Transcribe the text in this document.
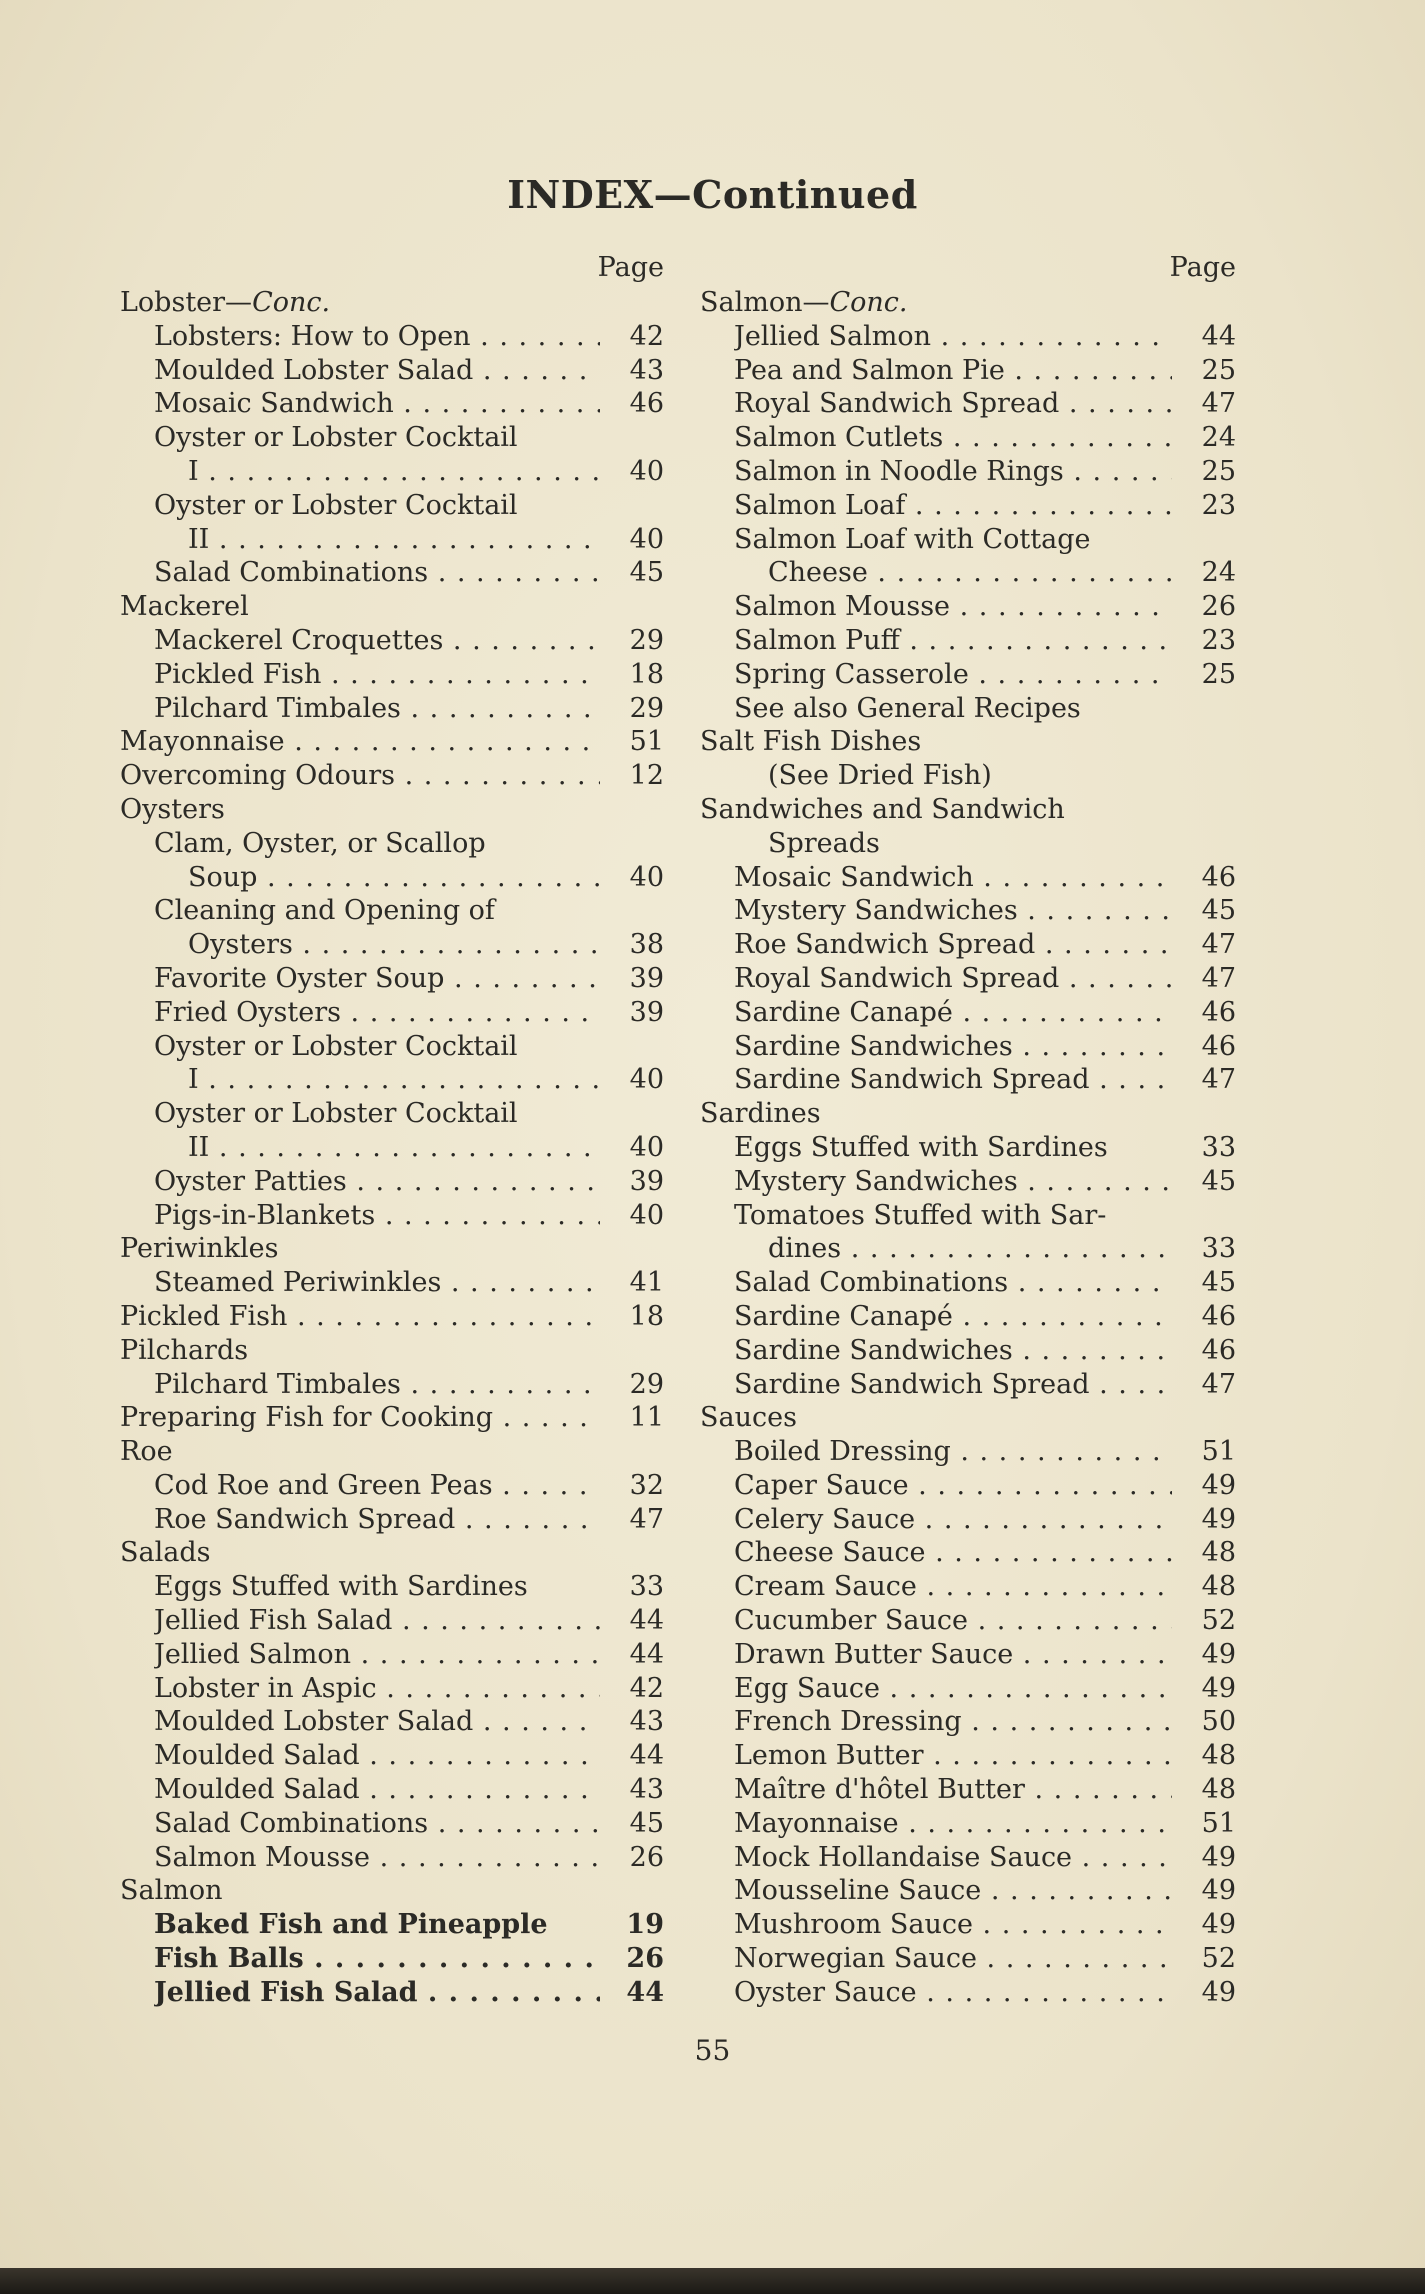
INDEX—Continued
Page
Lobster—Conc.
Lobsters: How to Open . . .	42
Moulded Lobster Salad . . .	43
Mosaic Sandwich . . .	46
Oyster or Lobster Cocktail
I . . .	40
Oyster or Lobster Cocktail
II . . .	40
Salad Combinations . . .	45
Mackerel
Mackerel Croquettes . . .	29
Pickled Fish . . .	18
Pilchard Timbales . . .	29
Mayonnaise . . .	51
Overcoming Odours . . .	12
Oysters
Clam, Oyster, or Scallop
Soup . . .	40
Cleaning and Opening of
Oysters . . .	38
Favorite Oyster Soup . . .	39
Fried Oysters . . .	39
Oyster or Lobster Cocktail
I . . .	40
Oyster or Lobster Cocktail
II . . .	40
Oyster Patties . . .	39
Pigs-in-Blankets . . .	40
Periwinkles
Steamed Periwinkles . . .	41
Pickled Fish . . .	18
Pilchards
Pilchard Timbales . . .	29
Preparing Fish for Cooking . . .	11
Roe
Cod Roe and Green Peas . . .	32
Roe Sandwich Spread . . .	47
Salads
Eggs Stuffed with Sardines	33
Jellied Fish Salad . . .	44
Jellied Salmon . . .	44
Lobster in Aspic . . .	42
Moulded Lobster Salad . . .	43
Moulded Salad . . .	44
Moulded Salad . . .	43
Salad Combinations . . .	45
Salmon Mousse . . .	26
Salmon
Baked Fish and Pineapple	19
Fish Balls . . .	26
Jellied Fish Salad . . .	44
Page
Salmon—Conc.
Jellied Salmon . . .	44
Pea and Salmon Pie . . .	25
Royal Sandwich Spread . . .	47
Salmon Cutlets . . .	24
Salmon in Noodle Rings . . .	25
Salmon Loaf . . .	23
Salmon Loaf with Cottage
Cheese . . .	24
Salmon Mousse . . .	26
Salmon Puff . . .	23
Spring Casserole . . .	25
See also General Recipes
Salt Fish Dishes
(See Dried Fish)
Sandwiches and Sandwich
Spreads
Mosaic Sandwich . . .	46
Mystery Sandwiches . . .	45
Roe Sandwich Spread . . .	47
Royal Sandwich Spread . . .	47
Sardine Canapé . . .	46
Sardine Sandwiches . . .	46
Sardine Sandwich Spread . . .	47
Sardines
Eggs Stuffed with Sardines	33
Mystery Sandwiches . . .	45
Tomatoes Stuffed with Sar-
dines . . .	33
Salad Combinations . . .	45
Sardine Canapé . . .	46
Sardine Sandwiches . . .	46
Sardine Sandwich Spread . . .	47
Sauces
Boiled Dressing . . .	51
Caper Sauce . . .	49
Celery Sauce . . .	49
Cheese Sauce . . .	48
Cream Sauce . . .	48
Cucumber Sauce . . .	52
Drawn Butter Sauce . . .	49
Egg Sauce . . .	49
French Dressing . . .	50
Lemon Butter . . .	48
Maître d'hôtel Butter . . .	48
Mayonnaise . . .	51
Mock Hollandaise Sauce . . .	49
Mousseline Sauce . . .	49
Mushroom Sauce . . .	49
Norwegian Sauce . . .	52
Oyster Sauce . . .	49
55
